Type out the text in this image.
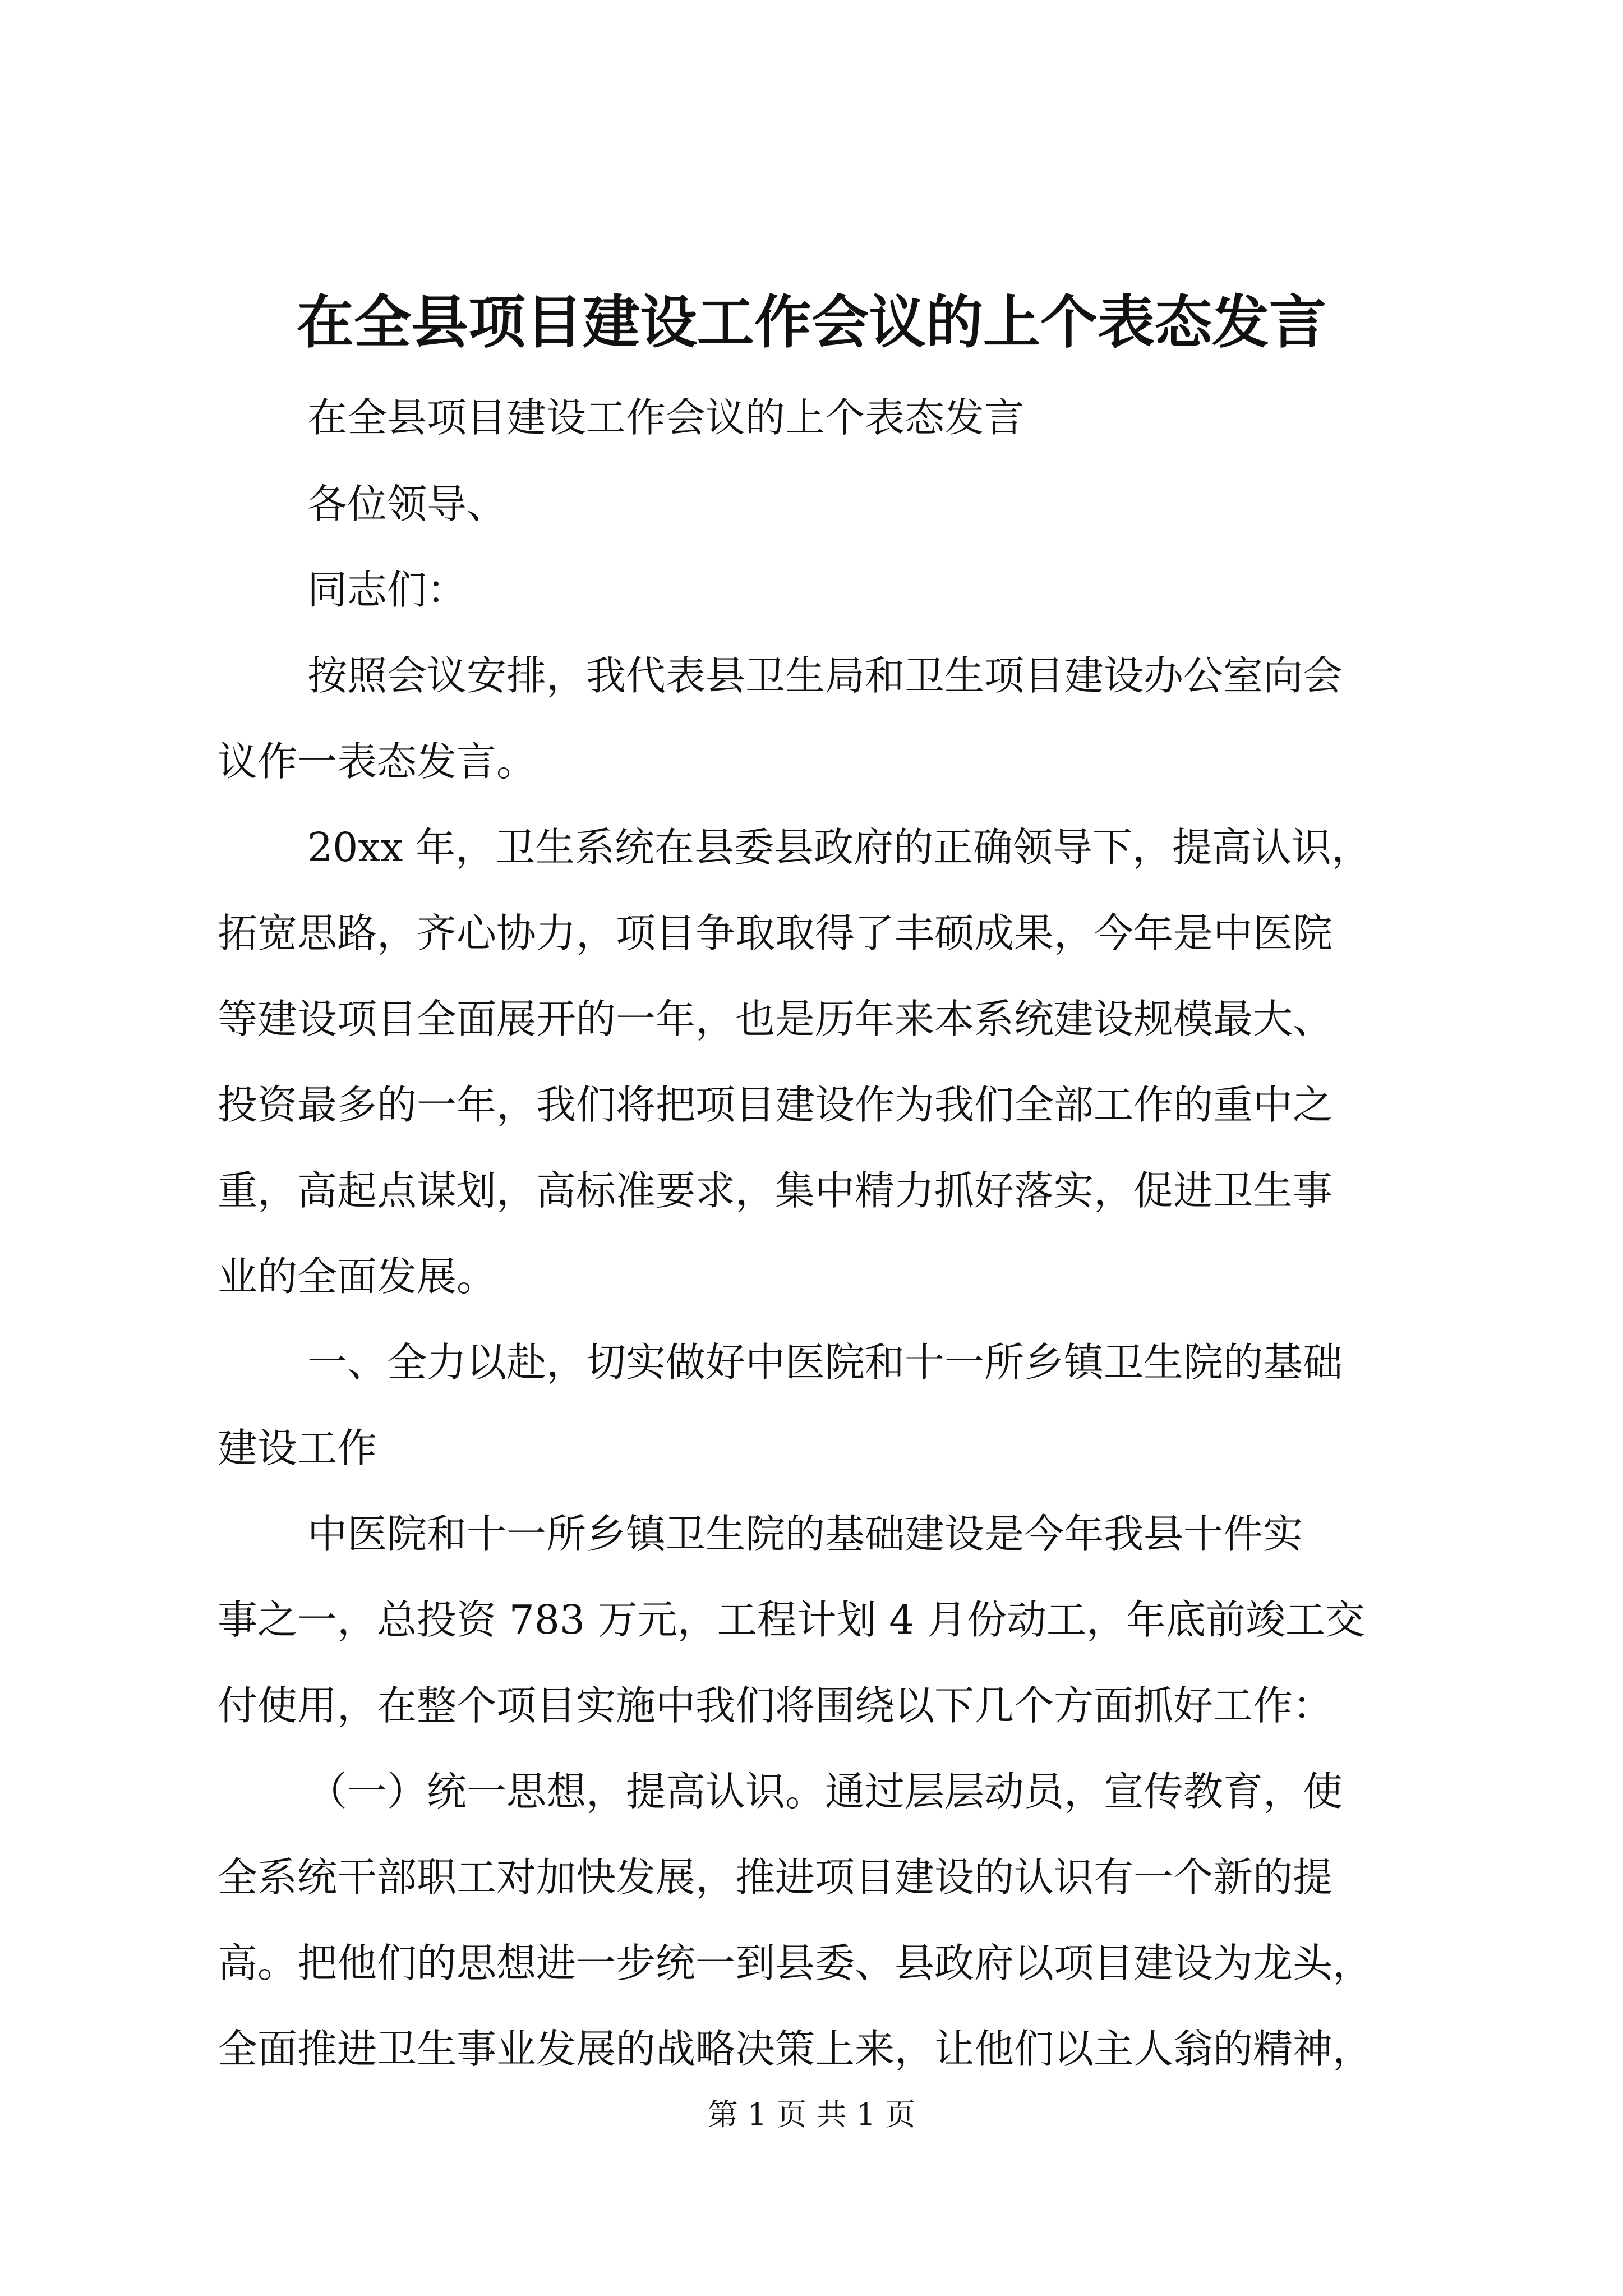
在全县项目建设工作会议的上个表态发言
在全县项目建设工作会议的上个表态发言
各位领导、
同志们：
按照会议安排，我代表县卫生局和卫生项目建设办公室向会
议作一表态发言。
20xx 年，卫生系统在县委县政府的正确领导下，提高认识，
拓宽思路，齐心协力，项目争取取得了丰硕成果，今年是中医院
等建设项目全面展开的一年，也是历年来本系统建设规模最大、
投资最多的一年，我们将把项目建设作为我们全部工作的重中之
重，高起点谋划，高标准要求，集中精力抓好落实，促进卫生事
业的全面发展。
一、全力以赴，切实做好中医院和十一所乡镇卫生院的基础
建设工作
中医院和十一所乡镇卫生院的基础建设是今年我县十件实
事之一，总投资 783 万元，工程计划 4 月份动工，年底前竣工交
付使用，在整个项目实施中我们将围绕以下几个方面抓好工作：
（一）统一思想，提高认识。通过层层动员，宣传教育，使
全系统干部职工对加快发展，推进项目建设的认识有一个新的提
高。把他们的思想进一步统一到县委、县政府以项目建设为龙头，
全面推进卫生事业发展的战略决策上来，让他们以主人翁的精神，
第 1 页 共 1 页
